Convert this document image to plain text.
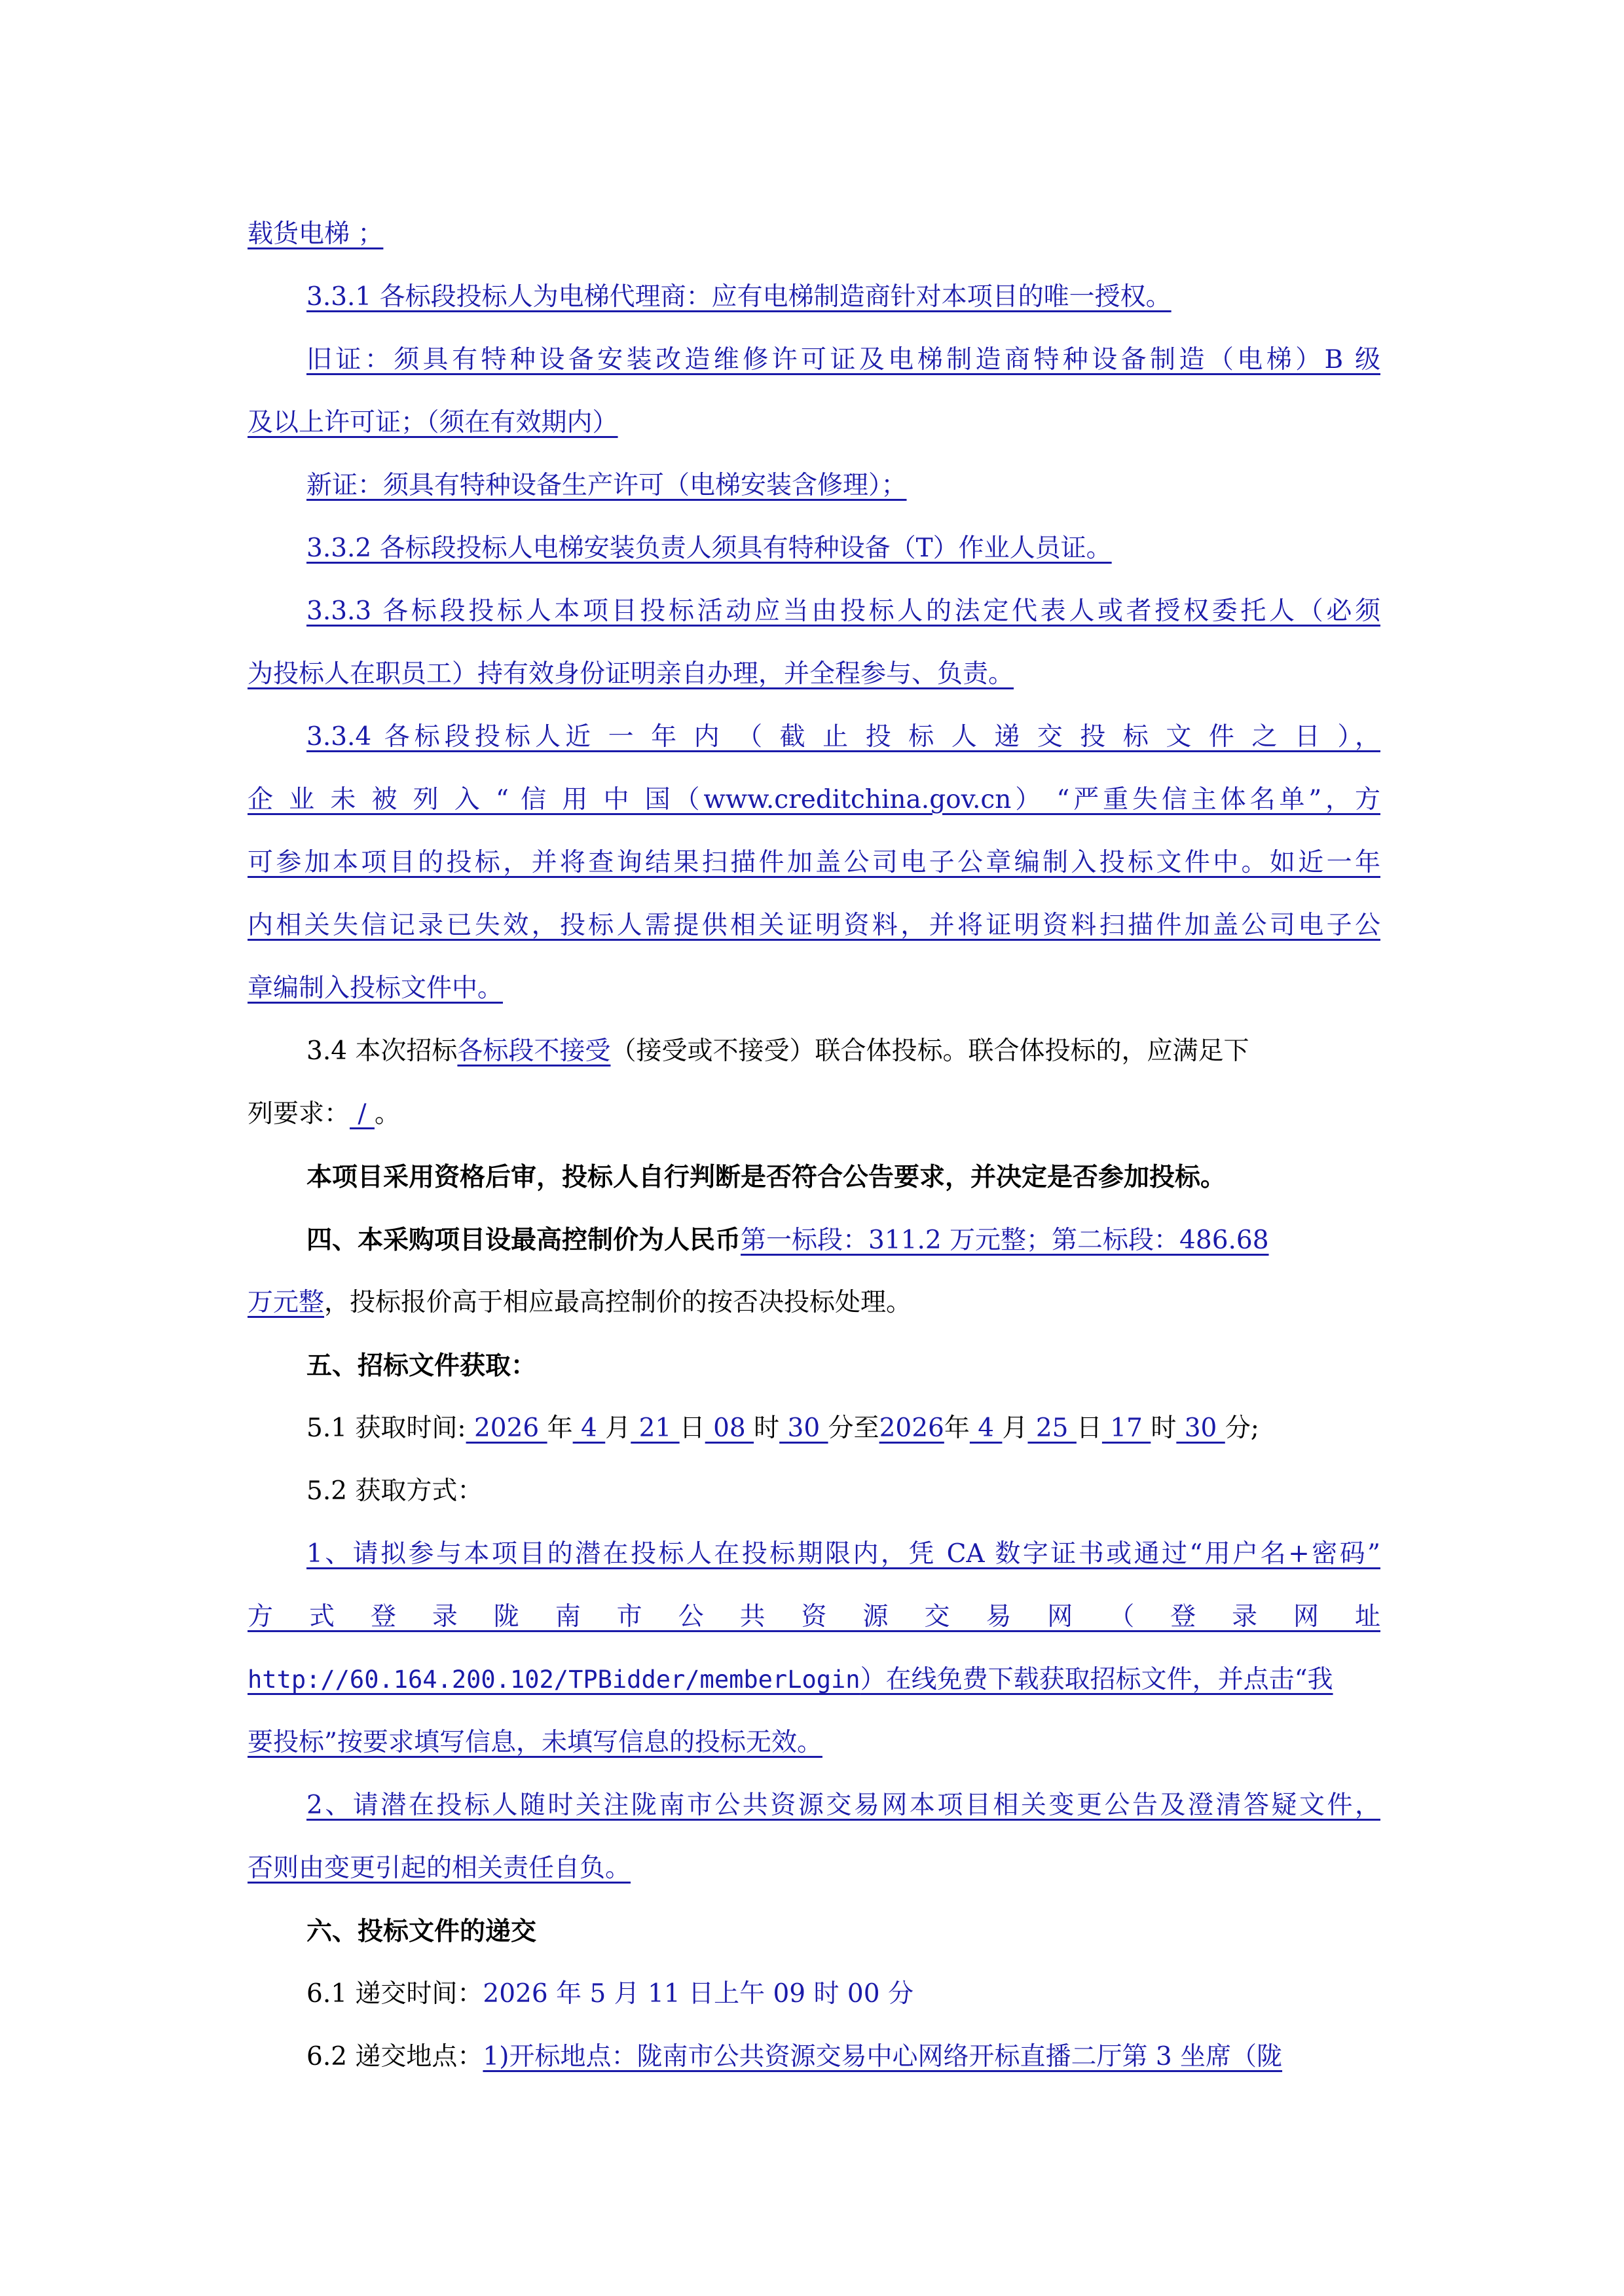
载货电梯 ；
3.3.1 各标段投标人为电梯代理商：应有电梯制造商针对本项目的唯一授权。
旧证：须具有特种设备安装改造维修许可证及电梯制造商特种设备制造（电梯）B 级
及以上许可证；（须在有效期内）
新证：须具有特种设备生产许可（电梯安装含修理）；
3.3.2 各标段投标人电梯安装负责人须具有特种设备（T）作业人员证。
3.3.3 各标段投标人本项目投标活动应当由投标人的法定代表人或者授权委托人（必须
为投标人在职员工）持有效身份证明亲自办理，并全程参与、负责。
3.3.4 各标段投标人近 一 年 内 （ 截 止 投 标 人 递 交 投 标 文 件 之 日 ），
企 业 未 被 列 入 “ 信 用 中 国（www.creditchina.gov.cn） “严重失信主体名单”，方
可参加本项目的投标，并将查询结果扫描件加盖公司电子公章编制入投标文件中。如近一年
内相关失信记录已失效，投标人需提供相关证明资料，并将证明资料扫描件加盖公司电子公
章编制入投标文件中。
3.4 本次招标各标段不接受（接受或不接受）联合体投标。联合体投标的，应满足下
列要求： / 。
本项目采用资格后审，投标人自行判断是否符合公告要求，并决定是否参加投标。
四、本采购项目设最高控制价为人民币第一标段：311.2 万元整；第二标段：486.68
万元整，投标报价高于相应最高控制价的按否决投标处理。
五、招标文件获取：
5.1 获取时间: 2026 年 4 月 21 日 08 时 30 分至2026年 4 月 25 日 17 时 30 分;
5.2 获取方式：
1、请拟参与本项目的潜在投标人在投标期限内，凭 CA 数字证书或通过“用户名+密码”
方 式 登 录 陇 南 市 公 共 资 源 交 易 网 （ 登 录 网 址
http://60.164.200.102/TPBidder/memberLogin）在线免费下载获取招标文件，并点击“我
要投标”按要求填写信息，未填写信息的投标无效。
2、请潜在投标人随时关注陇南市公共资源交易网本项目相关变更公告及澄清答疑文件，
否则由变更引起的相关责任自负。
六、投标文件的递交
6.1 递交时间：2026 年 5 月 11 日上午 09 时 00 分
6.2 递交地点：1)开标地点：陇南市公共资源交易中心网络开标直播二厅第 3 坐席（陇
